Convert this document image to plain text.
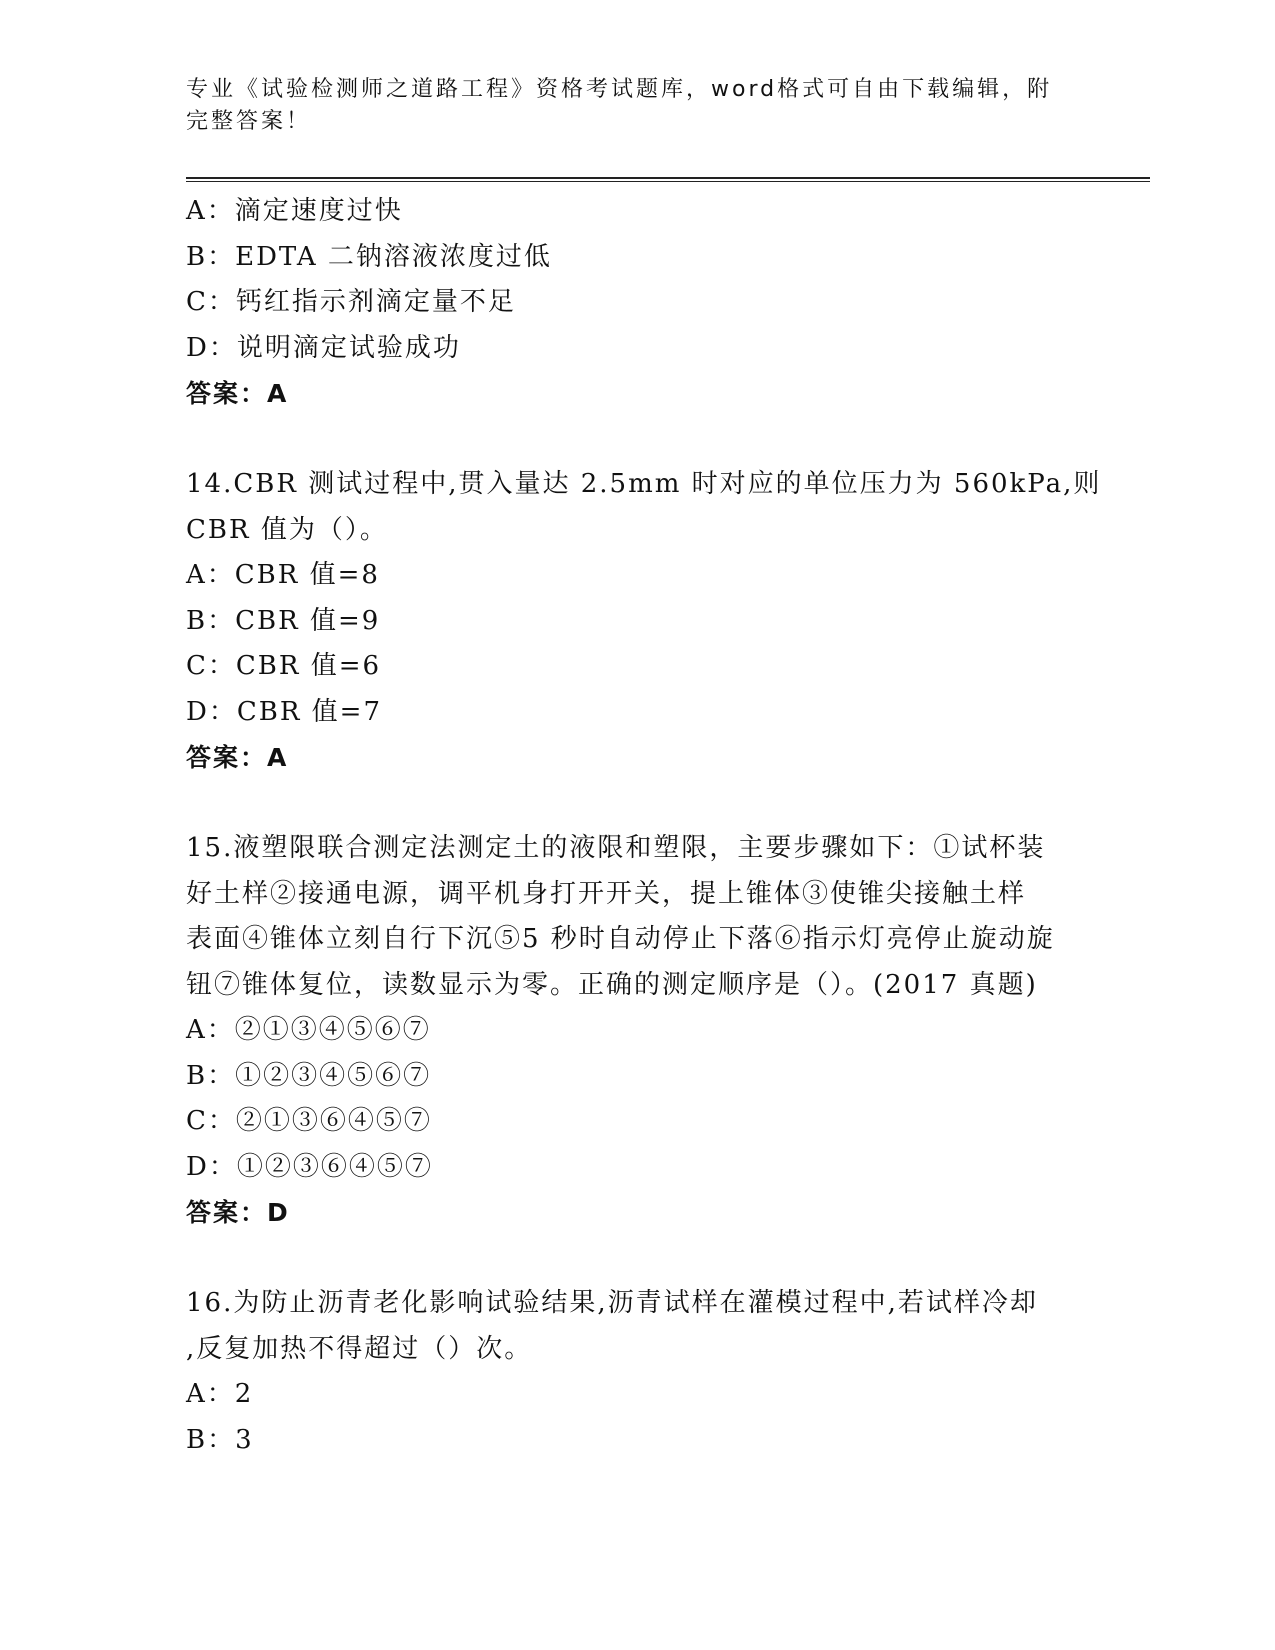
专业《试验检测师之道路工程》资格考试题库，word格式可自由下载编辑，附完整答案！
A：滴定速度过快
B：EDTA 二钠溶液浓度过低
C：钙红指示剂滴定量不足
D：说明滴定试验成功
答案：A
14.CBR 测试过程中,贯入量达 2.5mm 时对应的单位压力为 560kPa,则
CBR 值为（）。
A：CBR 值=8
B：CBR 值=9
C：CBR 值=6
D：CBR 值=7
答案：A
15.液塑限联合测定法测定土的液限和塑限，主要步骤如下：①试杯装
好土样②接通电源，调平机身打开开关，提上锥体③使锥尖接触土样
表面④锥体立刻自行下沉⑤5 秒时自动停止下落⑥指示灯亮停止旋动旋
钮⑦锥体复位，读数显示为零。正确的测定顺序是（）。(2017 真题)
A：②①③④⑤⑥⑦
B：①②③④⑤⑥⑦
C：②①③⑥④⑤⑦
D：①②③⑥④⑤⑦
答案：D
16.为防止沥青老化影响试验结果,沥青试样在灌模过程中,若试样冷却
,反复加热不得超过（）次。
A：2
B：3
